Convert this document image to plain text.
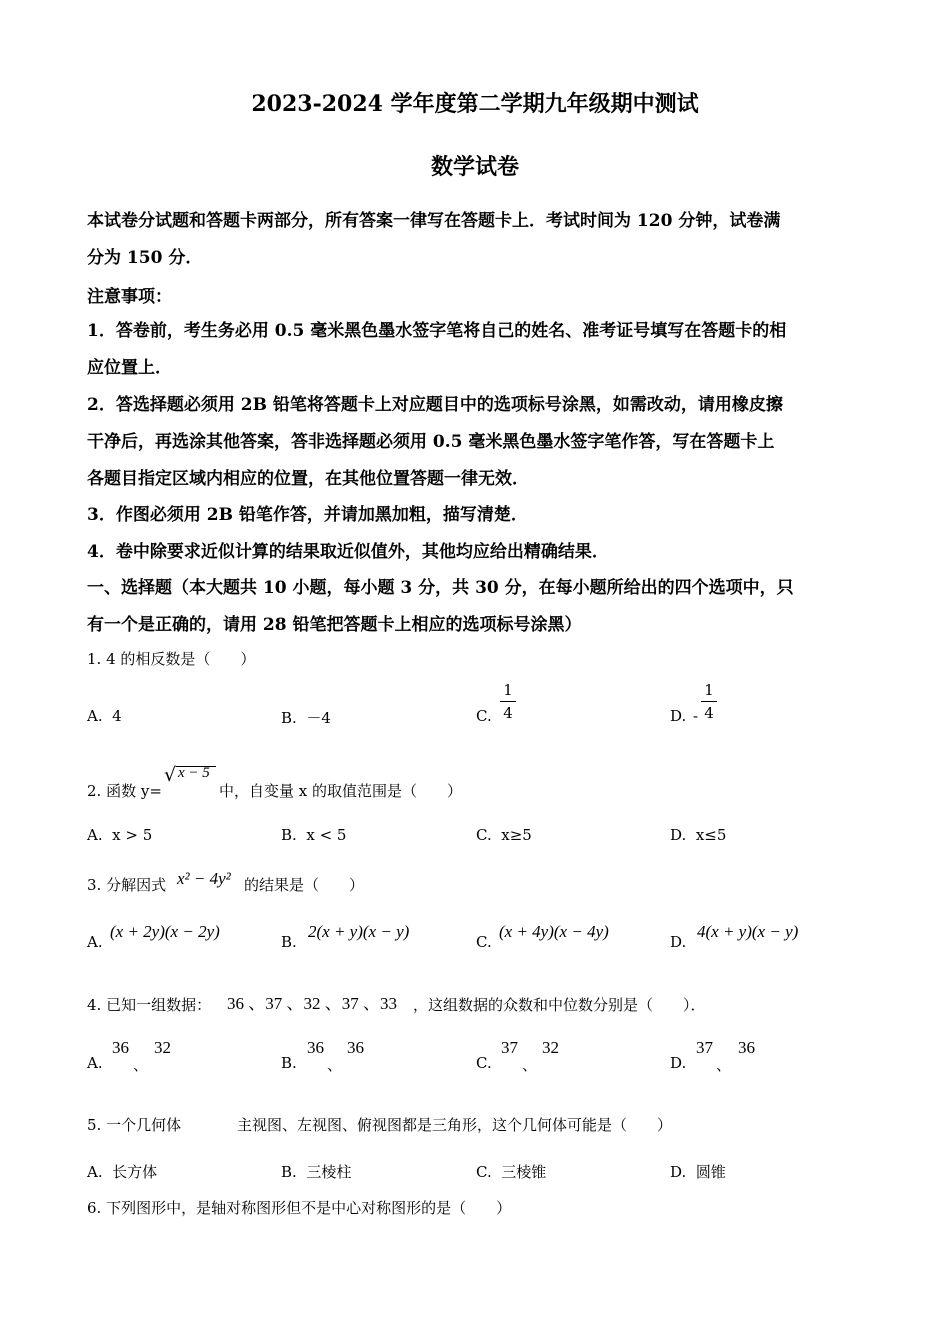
2023-2024 学年度第二学期九年级期中测试
数学试卷
本试卷分试题和答题卡两部分，所有答案一律写在答题卡上．考试时间为 120 分钟，试卷满
分为 150 分．
注意事项：
1．答卷前，考生务必用 0.5 毫米黑色墨水签字笔将自己的姓名、准考证号填写在答题卡的相
应位置上．
2．答选择题必须用 2B 铅笔将答题卡上对应题目中的选项标号涂黑，如需改动，请用橡皮擦
干净后，再选涂其他答案，答非选择题必须用 0.5 毫米黑色墨水签字笔作答，写在答题卡上
各题目指定区域内相应的位置，在其他位置答题一律无效．
3．作图必须用 2B 铅笔作答，并请加黑加粗，描写清楚．
4．卷中除要求近似计算的结果取近似值外，其他均应给出精确结果．
一、选择题（本大题共 10 小题，每小题 3 分，共 30 分，在每小题所给出的四个选项中，只
有一个是正确的，请用 28 铅笔把答题卡上相应的选项标号涂黑）
1. 4 的相反数是（　　）
A. 4	B. －4	C.
1
4	D. -
1
4
2. 函数 y=
√ x − 5
中，自变量 x 的取值范围是（　　）
A. x > 5	B. x < 5	C. x≥5	D. x≤5
3. 分解因式 x² − 4y² 的结果是（　　）
A.
(x + 2y)(x − 2y)
B.
2(x + y)(x − y)
C.
(x + 4y)(x − 4y)
D.
4(x + y)(x − y)
4. 已知一组数据： 36 、37 、32 、37 、33 ，这组数据的众数和中位数分别是（　　）．
A.
36
、
32
B.
36
、
36
C.
37
、
32
D.
37
、
36
5. 一个几何体	主视图、左视图、俯视图都是三角形，这个几何体可能是（　　）
A. 长方体	B. 三棱柱	C. 三棱锥	D. 圆锥
6. 下列图形中，是轴对称图形但不是中心对称图形的是（　　）
